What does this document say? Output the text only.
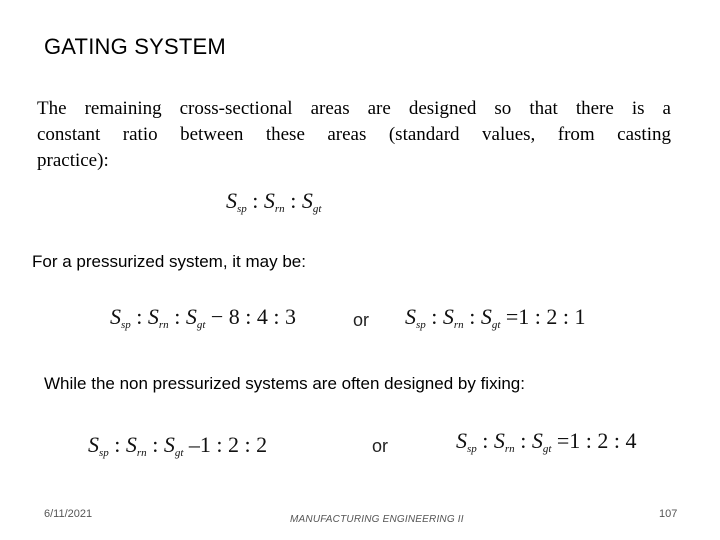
GATING SYSTEM
The remaining cross-sectional areas are designed so that there is a
constant ratio between these areas (standard values, from casting
practice):
$S_{sp}$ : $S_{rn}$ : $S_{gt}$
For a pressurized system, it may be:
$S_{sp}$ : $S_{rn}$ : $S_{gt} - 8$ : 4 : 3	or $S_{sp}$ : $S_{rn}$ : $S_{gt} =1$ : 2 : 1
While the non pressurized systems are often designed by fixing:
$S_{sp}$ : $S_{rn}$ : $S_{gt}$ –1 : 2 : 2	or	$S_{sp}$ : $S_{rn}$ : $S_{gt} =1$ : 2 : 4
6/11/2021	MANUFACTURING ENGINEERING II	107
